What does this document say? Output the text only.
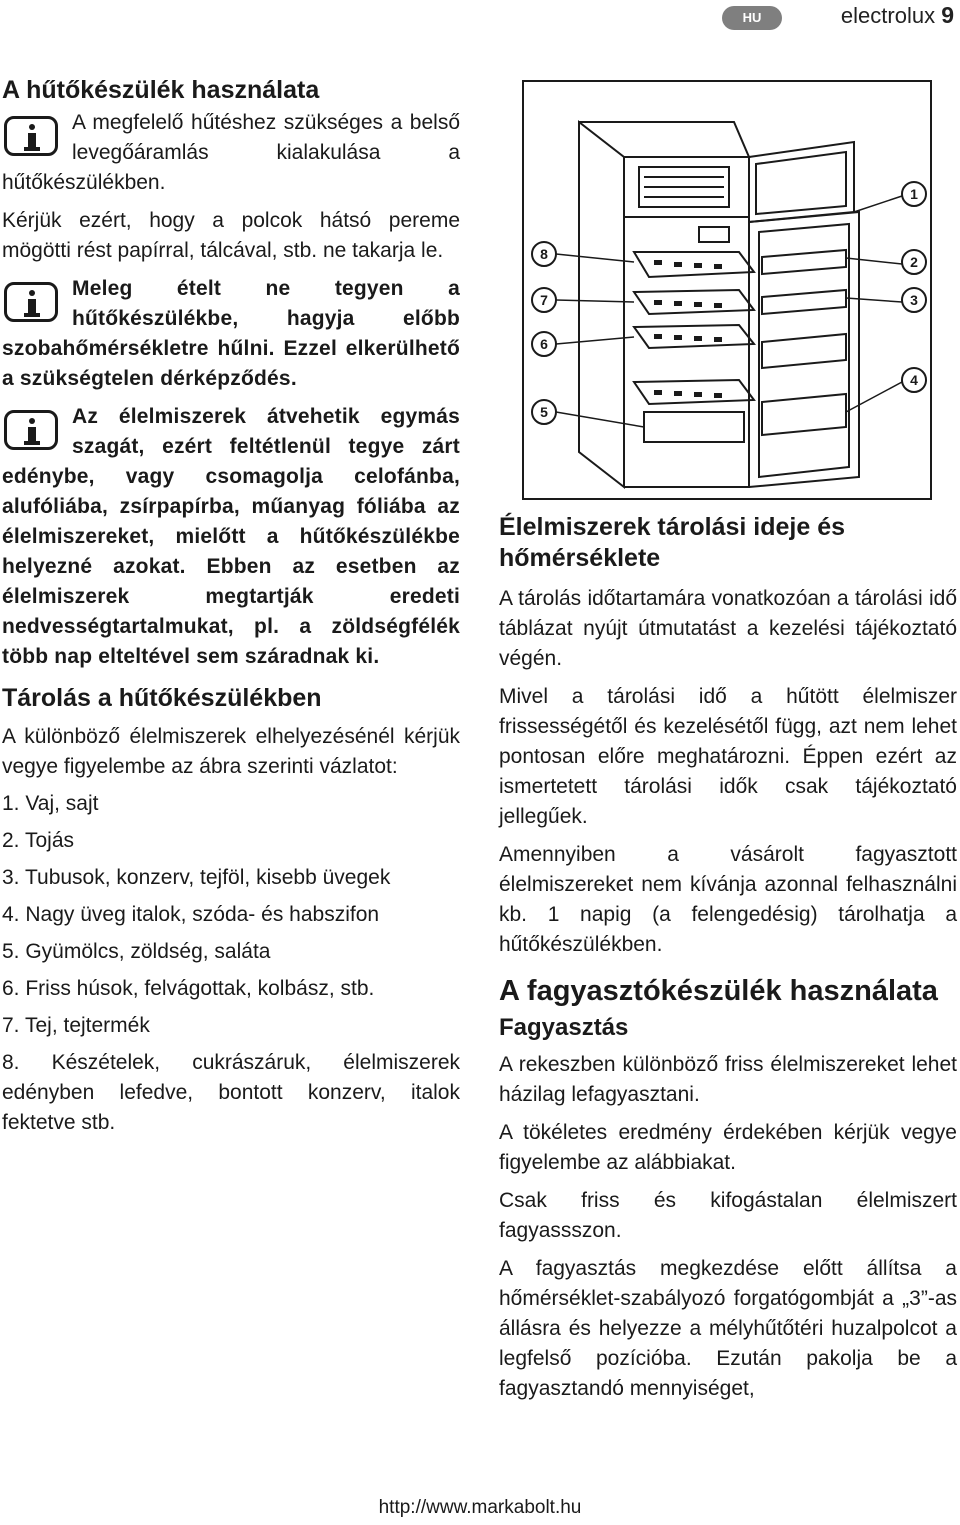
HU	electrolux 9
A hűtőkészülék használata

A megfelelő hűtéshez szükséges a belső levegőáramlás kialakulása a hűtőkészülékben.

Kérjük ezért, hogy a polcok hátsó pereme mögötti rést papírral, tálcával, stb. ne takarja le.

Meleg ételt ne tegyen a hűtőkészülékbe, hagyja előbb szobahőmérsékletre hűlni. Ezzel elkerülhető a szükségtelen dérképződés.

Az élelmiszerek átvehetik egymás szagát, ezért feltétlenül tegye zárt edénybe, vagy csomagolja celofánba, alufóliába, zsírpapírba, műanyag fóliába az élelmiszereket, mielőtt a hűtőkészülékbe helyezné azokat. Ebben az esetben az élelmiszerek megtartják eredeti nedvességtartalmukat, pl. a zöldségfélék több nap elteltével sem száradnak ki.

Tárolás a hűtőkészülékben

A különböző élelmiszerek elhelyezésénél kérjük vegye figyelembe az ábra szerinti vázlatot:

1. Vaj, sajt
2. Tojás
3. Tubusok, konzerv, tejföl, kisebb üvegek
4. Nagy üveg italok, szóda- és habszifon
5. Gyümölcs, zöldség, saláta
6. Friss húsok, felvágottak, kolbász, stb.
7. Tej, tejtermék
8. Készételek, cukrászáruk, élelmiszerek edényben lefedve, bontott konzerv, italok fektetve stb.
1
2
3
4
5
6
7
8
Élelmiszerek tárolási ideje és hőmérséklete

A tárolás időtartamára vonatkozóan a tárolási idő táblázat nyújt útmutatást a kezelési tájékoztató végén.

Mivel a tárolási idő a hűtött élelmiszer frissességétől és kezelésétől függ, azt nem lehet pontosan előre meghatározni. Éppen ezért az ismertetett tárolási idők csak tájékoztató jellegűek.

Amennyiben a vásárolt fagyasztott élelmiszereket nem kívánja azonnal felhasználni kb. 1 napig (a felengedésig) tárolhatja a hűtőkészülékben.

A fagyasztókészülék használata
Fagyasztás

A rekeszben különböző friss élelmiszereket lehet házilag lefagyasztani.

A tökéletes eredmény érdekében kérjük vegye figyelembe az alábbiakat.

Csak friss és kifogástalan élelmiszert fagyassszon.

A fagyasztás megkezdése előtt állítsa a hőmérséklet-szabályozó forgatógombját a „3”-as állásra és helyezze a mélyhűtőtéri huzalpolcot a legfelső pozícióba. Ezután pakolja be a fagyasztandó mennyiséget,

http://www.markabolt.hu
